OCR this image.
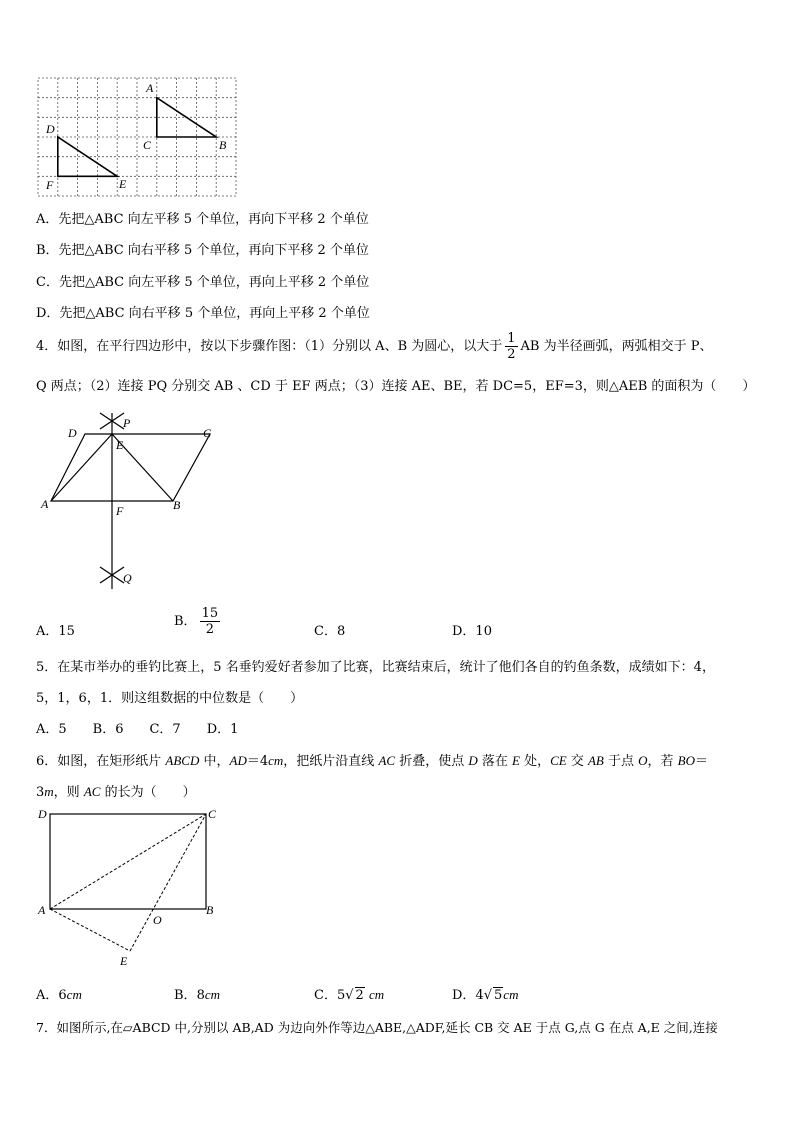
A
C	B
D
F	E
A．先把△ABC 向左平移 5 个单位，再向下平移 2 个单位
B．先把△ABC 向右平移 5 个单位，再向下平移 2 个单位
C．先把△ABC 向左平移 5 个单位，再向上平移 2 个单位
D．先把△ABC 向右平移 5 个单位，再向上平移 2 个单位
4．如图，在平行四边形中，按以下步骤作图：（1）分别以 A、B 为圆心，以大于 $\frac{1}{2}$ AB 为半径画弧，两弧相交于 P、
Q 两点；（2）连接 PQ 分别交 AB 、CD 于 EF 两点；（3）连接 AE、BE，若 DC=5，EF=3，则△AEB 的面积为（　　）
D	C
P
E
A	B
F
Q
A．15
B． $\frac{15}{2}$	C．8	D．10
5．在某市举办的垂钓比赛上，5 名垂钓爱好者参加了比赛，比赛结束后，统计了他们各自的钓鱼条数，成绩如下：4，
5，1，6，1．则这组数据的中位数是（　　）
A．5　　B．6　　C．7　　D．1
6．如图，在矩形纸片 ABCD 中，AD＝4cm，把纸片沿直线 AC 折叠，使点 D 落在 E 处，CE 交 AB 于点 O，若 BO＝
3m，则 AC 的长为（　　）
D	C
A
O
B
E
A．6cm	B．8cm	C．5√ 2 cm	D．4√ 5cm
7．如图所示,在▱ABCD 中,分别以 AB,AD 为边向外作等边△ABE,△ADF,延长 CB 交 AE 于点 G,点 G 在点 A,E 之间,连接
